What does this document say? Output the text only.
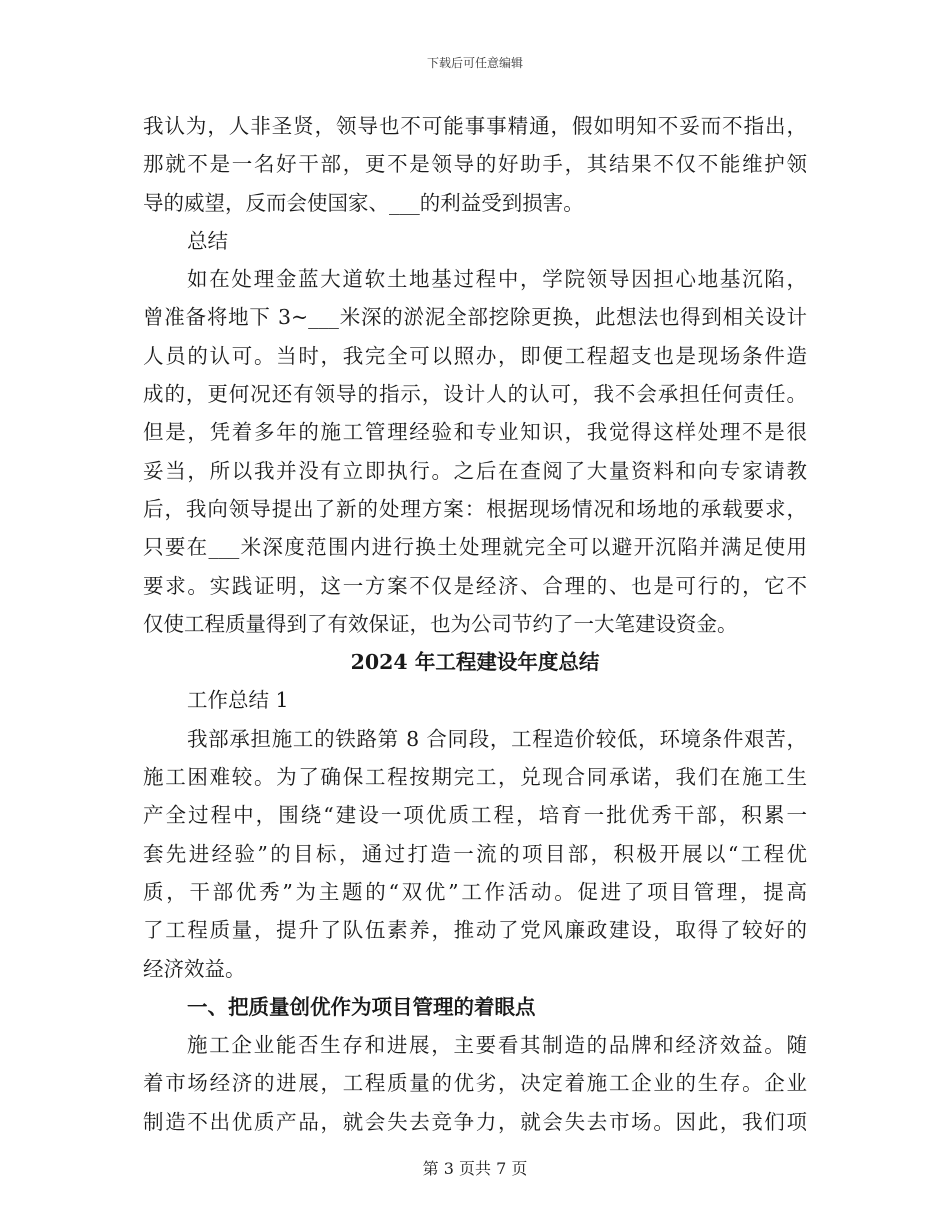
下载后可任意编辑
我认为，人非圣贤，领导也不可能事事精通，假如明知不妥而不指出，
那就不是一名好干部，更不是领导的好助手，其结果不仅不能维护领
导的威望，反而会使国家、___的利益受到损害。
总结
如在处理金蓝大道软土地基过程中，学院领导因担心地基沉陷，
曾准备将地下 3~___米深的淤泥全部挖除更换，此想法也得到相关设计
人员的认可。当时，我完全可以照办，即便工程超支也是现场条件造
成的，更何况还有领导的指示，设计人的认可，我不会承担任何责任。
但是，凭着多年的施工管理经验和专业知识，我觉得这样处理不是很
妥当，所以我并没有立即执行。之后在查阅了大量资料和向专家请教
后，我向领导提出了新的处理方案：根据现场情况和场地的承载要求，
只要在___米深度范围内进行换土处理就完全可以避开沉陷并满足使用
要求。实践证明，这一方案不仅是经济、合理的、也是可行的，它不
仅使工程质量得到了有效保证，也为公司节约了一大笔建设资金。
2024 年工程建设年度总结
工作总结 1
我部承担施工的铁路第 8 合同段，工程造价较低，环境条件艰苦，
施工困难较。为了确保工程按期完工，兑现合同承诺，我们在施工生
产全过程中，围绕“建设一项优质工程，培育一批优秀干部，积累一
套先进经验”的目标，通过打造一流的项目部，积极开展以“工程优
质，干部优秀”为主题的“双优”工作活动。促进了项目管理，提高
了工程质量，提升了队伍素养，推动了党风廉政建设，取得了较好的
经济效益。
一、把质量创优作为项目管理的着眼点
施工企业能否生存和进展，主要看其制造的品牌和经济效益。随
着市场经济的进展，工程质量的优劣，决定着施工企业的生存。企业
制造不出优质产品，就会失去竞争力，就会失去市场。因此，我们项
第 3 页共 7 页
